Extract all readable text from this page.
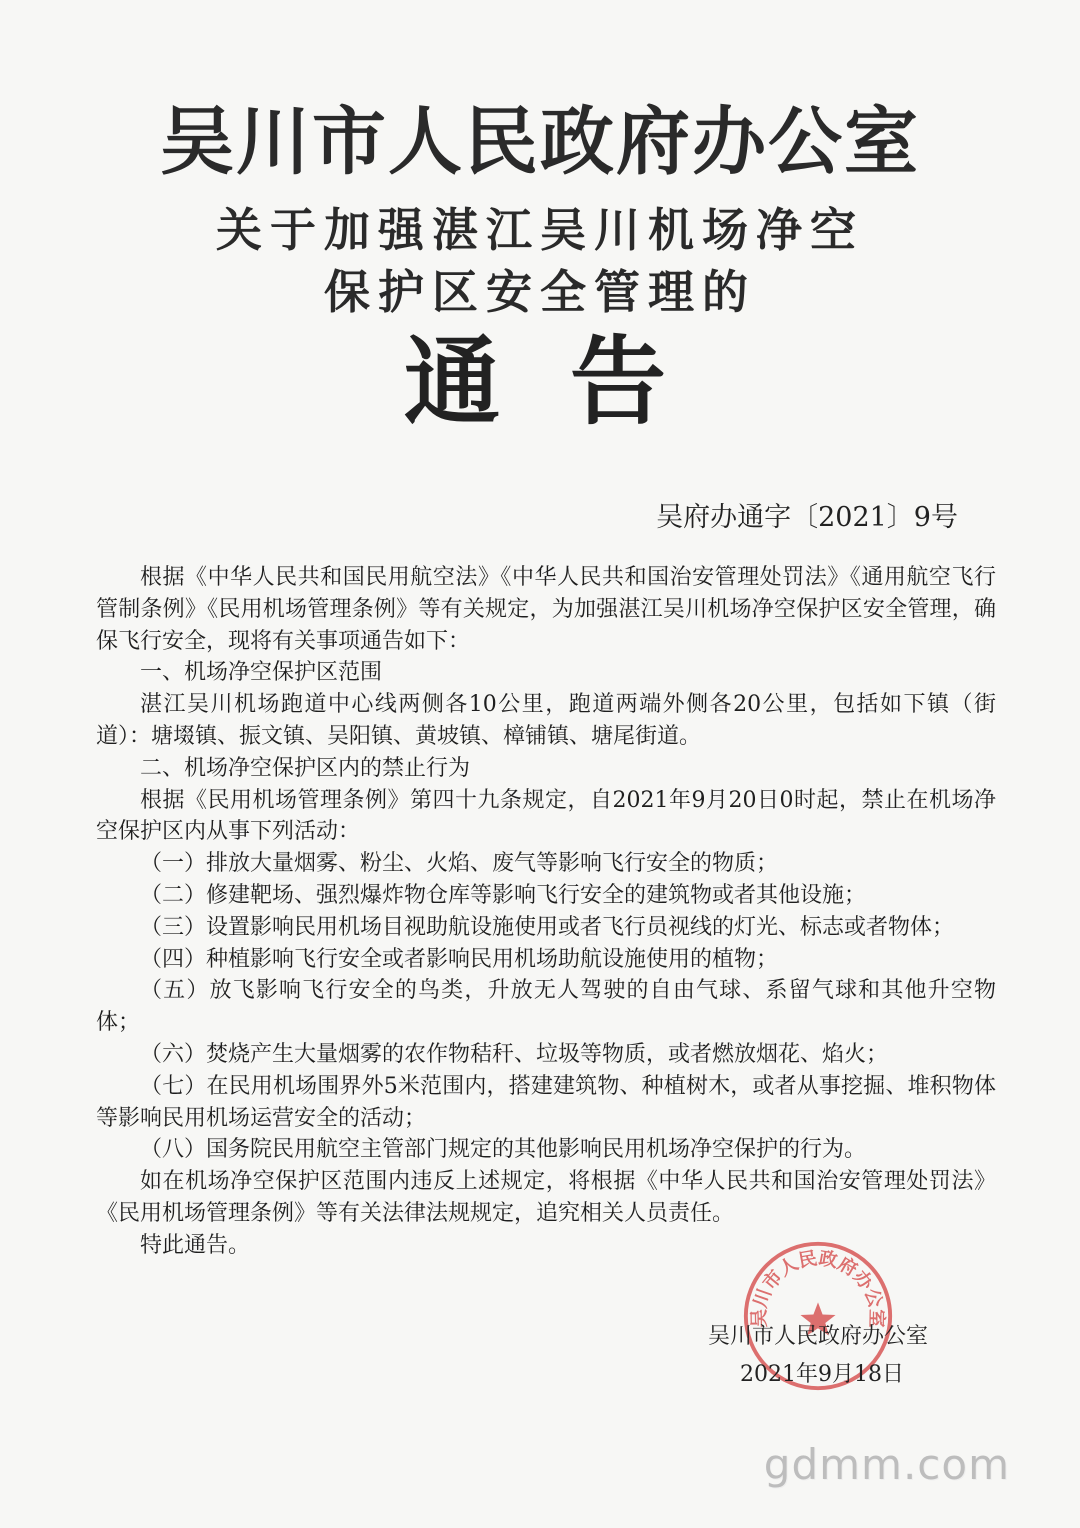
吴川市人民政府办公室
关于加强湛江吴川机场净空
保护区安全管理的
通告
吴府办通字〔2021〕9号

根据《中华人民共和国民用航空法》《中华人民共和国治安管理处罚法》《通用航空飞行管制条例》《民用机场管理条例》等有关规定，为加强湛江吴川机场净空保护区安全管理，确保飞行安全，现将有关事项通告如下：

一、机场净空保护区范围

湛江吴川机场跑道中心线两侧各10公里，跑道两端外侧各20公里，包括如下镇（街道）：塘㙍镇、振文镇、吴阳镇、黄坡镇、樟铺镇、塘尾街道。

二、机场净空保护区内的禁止行为

根据《民用机场管理条例》第四十九条规定，自2021年9月20日0时起，禁止在机场净空保护区内从事下列活动：

（一）排放大量烟雾、粉尘、火焰、废气等影响飞行安全的物质；

（二）修建靶场、强烈爆炸物仓库等影响飞行安全的建筑物或者其他设施；

（三）设置影响民用机场目视助航设施使用或者飞行员视线的灯光、标志或者物体；

（四）种植影响飞行安全或者影响民用机场助航设施使用的植物；

（五）放飞影响飞行安全的鸟类，升放无人驾驶的自由气球、系留气球和其他升空物体；

（六）焚烧产生大量烟雾的农作物秸秆、垃圾等物质，或者燃放烟花、焰火；

（七）在民用机场围界外5米范围内，搭建建筑物、种植树木，或者从事挖掘、堆积物体等影响民用机场运营安全的活动；

（八）国务院民用航空主管部门规定的其他影响民用机场净空保护的行为。

如在机场净空保护区范围内违反上述规定，将根据《中华人民共和国治安管理处罚法》《民用机场管理条例》等有关法律法规规定，追究相关人员责任。

特此通告。

吴川市人民政府办公室
吴川市人民政府办公室
2021年9月18日
gdmm.com
